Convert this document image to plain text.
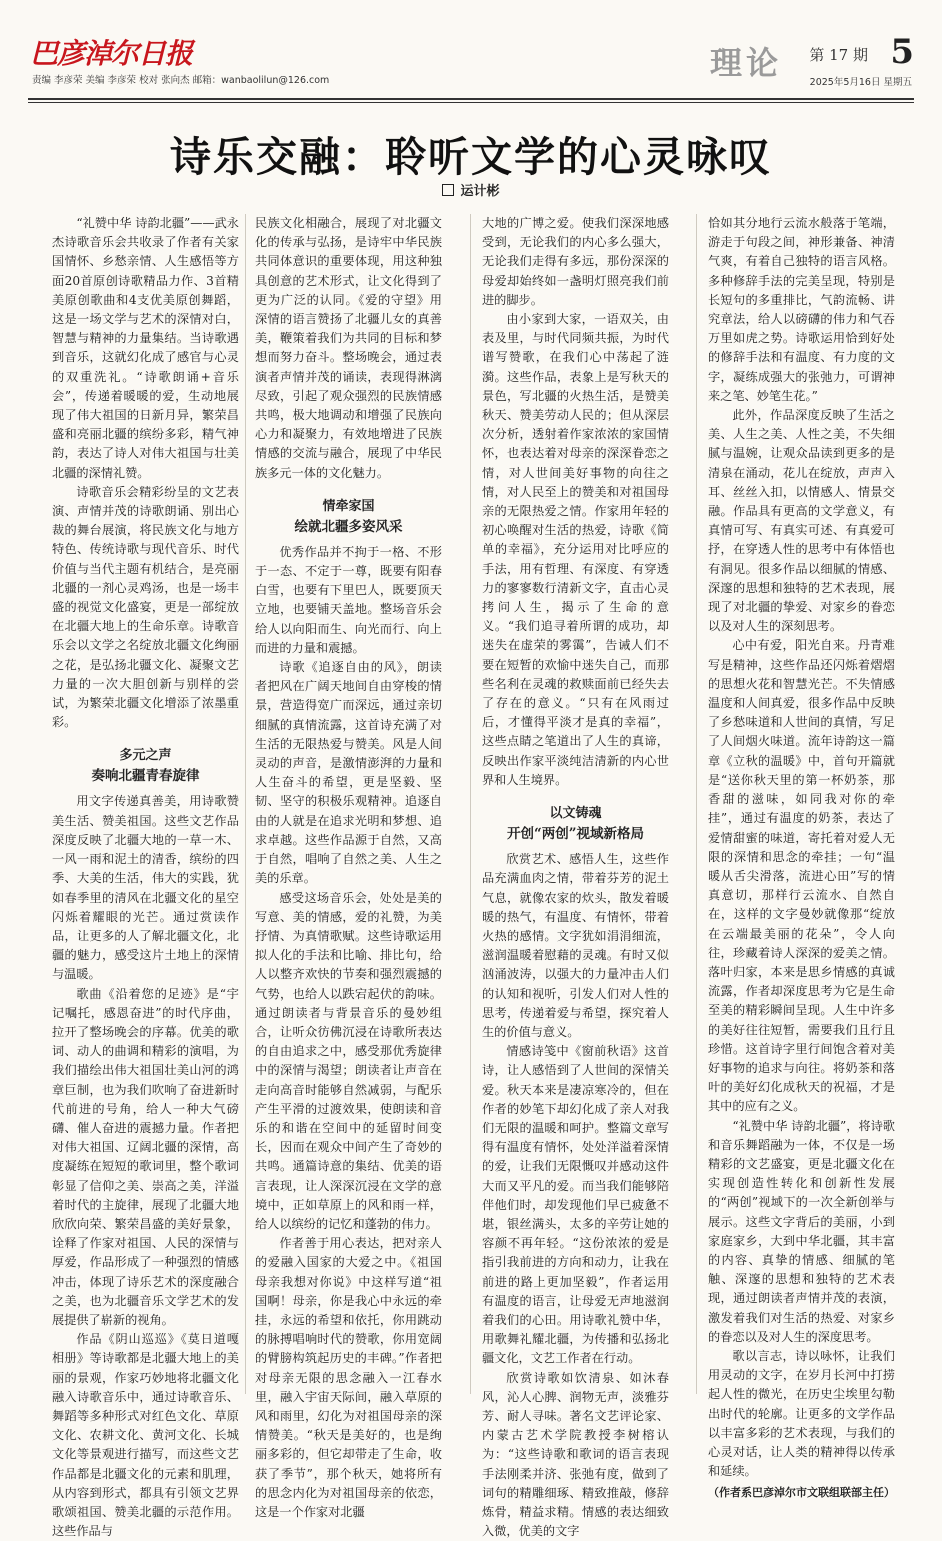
巴彦淖尔日报
责编 李彦荣 美编 李彦荣 校对 张向杰 邮箱：wanbaolilun@126.com	理论 第 17 期 5
2025年5月16日 星期五
诗乐交融：聆听文学的心灵咏叹
运计彬

“礼赞中华 诗韵北疆”——武永杰诗歌音乐会共收录了作者有关家国情怀、乡愁亲情、人生感悟等方面20首原创诗歌精品力作、3首精美原创歌曲和4支优美原创舞蹈，这是一场文学与艺术的深情对白，智慧与精神的力量集结。当诗歌遇到音乐，这就幻化成了感官与心灵的双重洗礼。“诗歌朗诵+音乐会”，传递着暖暖的爱，生动地展现了伟大祖国的日新月异，繁荣昌盛和亮丽北疆的缤纷多彩，精气神韵，表达了诗人对伟大祖国与壮美北疆的深情礼赞。

诗歌音乐会精彩纷呈的文艺表演、声情并茂的诗歌朗诵、别出心裁的舞台展演，将民族文化与地方特色、传统诗歌与现代音乐、时代价值与当代主题有机结合，是亮丽北疆的一剂心灵鸡汤，也是一场丰盛的视觉文化盛宴，更是一部绽放在北疆大地上的生命乐章。诗歌音乐会以文学之名绽放北疆文化绚丽之花，是弘扬北疆文化、凝聚文艺力量的一次大胆创新与别样的尝试，为繁荣北疆文化增添了浓墨重彩。

多元之声
奏响北疆青春旋律

用文字传递真善美，用诗歌赞美生活、赞美祖国。这些文艺作品深度反映了北疆大地的一草一木、一风一雨和泥土的清香，缤纷的四季、大美的生活，伟大的实践，犹如春季里的清风在北疆文化的星空闪烁着耀眼的光芒。通过赏读作品，让更多的人了解北疆文化，北疆的魅力，感受这片土地上的深情与温暖。

歌曲《沿着您的足迹》是“宇记嘱托，感恩奋进”的时代序曲，拉开了整场晚会的序幕。优美的歌词、动人的曲调和精彩的演唱，为我们描绘出伟大祖国壮美山河的鸿章巨制，也为我们吹响了奋进新时代前进的号角，给人一种大气磅礴、催人奋进的震撼力量。作者把对伟大祖国、辽阔北疆的深情，高度凝练在短短的歌词里，整个歌词彰显了信仰之美、崇高之美，洋溢着时代的主旋律，展现了北疆大地欣欣向荣、繁荣昌盛的美好景象，诠释了作家对祖国、人民的深情与厚爱，作品形成了一种强烈的情感冲击，体现了诗乐艺术的深度融合之美，也为北疆音乐文学艺术的发展提供了崭新的视角。

作品《阴山巡巡》《莫日道嘎相册》等诗歌都是北疆大地上的美丽的景观，作家巧妙地将北疆文化融入诗歌音乐中，通过诗歌音乐、舞蹈等多种形式对红色文化、草原文化、农耕文化、黄河文化、长城文化等景观进行描写，而这些文艺作品都是北疆文化的元素和肌理，从内容到形式，都具有引领文艺界歌颂祖国、赞美北疆的示范作用。这些作品与

民族文化相融合，展现了对北疆文化的传承与弘扬，是诗牢中华民族共同体意识的重要体现，用这种独具创意的艺术形式，让文化得到了更为广泛的认同。《爱的守望》用深情的语言赞扬了北疆儿女的真善美，鞭策着我们为共同的目标和梦想而努力奋斗。整场晚会，通过表演者声情并茂的诵读，表现得淋漓尽致，引起了观众强烈的民族情感共鸣，极大地调动和增强了民族向心力和凝聚力，有效地增进了民族情感的交流与融合，展现了中华民族多元一体的文化魅力。

情牵家国
绘就北疆多姿风采

优秀作品并不拘于一格、不形于一态、不定于一尊，既要有阳春白雪，也要有下里巴人，既要顶天立地，也要铺天盖地。整场音乐会给人以向阳而生、向光而行、向上而进的力量和震撼。

诗歌《追逐自由的风》，朗读者把风在广阔天地间自由穿梭的情景，营造得宽广而深远，通过亲切细腻的真情流露，这首诗充满了对生活的无限热爱与赞美。风是人间灵动的声音，是激情澎湃的力量和人生奋斗的希望，更是坚毅、坚韧、坚守的积极乐观精神。追逐自由的人就是在追求光明和梦想、追求卓越。这些作品源于自然，又高于自然，唱响了自然之美、人生之美的乐章。

感受这场音乐会，处处是美的写意、美的情感，爱的礼赞，为美抒情、为真情歌赋。这些诗歌运用拟人化的手法和比喻、排比句，给人以整齐欢快的节奏和强烈震撼的气势，也给人以跌宕起伏的韵味。通过朗读者与背景音乐的曼妙组合，让听众彷佛沉浸在诗歌所表达的自由追求之中，感受那优秀旋律中的深情与渴望；朗读者让声音在走向高音时能够自然减弱，与配乐产生平滑的过渡效果，使朗读和音乐的和谐在空间中的延留时间变长，因而在观众中间产生了奇妙的共鸣。通篇诗意的集结、优美的语言表现，让人深深沉浸在文学的意境中，正如草原上的风和雨一样，给人以缤纷的记忆和蓬勃的伟力。

作者善于用心表达，把对亲人的爱融入国家的大爱之中。《祖国母亲我想对你说》中这样写道“祖国啊！母亲，你是我心中永远的牵挂，永远的希望和依托，你用跳动的脉搏唱响时代的赞歌，你用宽阔的臂膀构筑起历史的丰碑。”作者把对母亲无限的思念融入一江春水里，融入宇宙天际间，融入草原的风和雨里，幻化为对祖国母亲的深情赞美。“秋天是美好的，也是绚丽多彩的，但它却带走了生命，收获了季节”，那个秋天，她将所有的思念内化为对祖国母亲的依恋，这是一个作家对北疆

大地的广博之爱。使我们深深地感受到，无论我们的内心多么强大，无论我们走得有多远，那份深深的母爱却始终如一盏明灯照亮我们前进的脚步。

由小家到大家，一语双关，由表及里，与时代同频共振，为时代谱写赞歌，在我们心中荡起了涟漪。这些作品，表象上是写秋天的景色，写北疆的火热生活，是赞美秋天、赞美劳动人民的；但从深层次分析，透射着作家浓浓的家国情怀，也表达着对母亲的深深眷恋之情，对人世间美好事物的向往之情，对人民至上的赞美和对祖国母亲的无限热爱之情。作家用年轻的初心唤醒对生活的热爱，诗歌《简单的幸福》，充分运用对比呼应的手法，用有哲理、有深度、有穿透力的寥寥数行清新文字，直击心灵拷问人生，揭示了生命的意义。“我们追寻着所谓的成功，却迷失在虚荣的雾霭”，告诫人们不要在短暂的欢愉中迷失自己，而那些名利在灵魂的救赎面前已经失去了存在的意义。“只有在风雨过后，才懂得平淡才是真的幸福”，这些点睛之笔道出了人生的真谛，反映出作家平淡纯洁清新的内心世界和人生境界。

以文铸魂
开创“两创”视域新格局

欣赏艺术、感悟人生，这些作品充满血肉之情，带着芬芳的泥土气息，就像农家的炊头，散发着暖暖的热气，有温度、有情怀，带着火热的感情。文字犹如涓涓细流，滋润温暖着慰藉的灵魂。有时又似汹涌波涛，以强大的力量冲击人们的认知和视听，引发人们对人性的思考，传递着爱与希望，探究着人生的价值与意义。

情感诗笺中《窗前秋语》这首诗，让人感悟到了人世间的深情关爱。秋天本来是凄凉寒冷的，但在作者的妙笔下却幻化成了亲人对我们无限的温暖和呵护。整篇文章写得有温度有情怀，处处洋溢着深情的爱，让我们无限慨叹并感动这件大而又平凡的爱。而当我们能够陪伴他们时，却发现他们早已疲惫不堪，银丝满头，太多的辛劳让她的容颜不再年轻。“这份浓浓的爱是指引我前进的方向和动力，让我在前进的路上更加坚毅”，作者运用有温度的语言，让母爱无声地滋润着我们的心田。用诗歌礼赞中华，用歌舞礼耀北疆，为传播和弘扬北疆文化，文艺工作者在行动。

欣赏诗歌如饮清泉、如沐春风，沁人心脾、润物无声，淡雅芬芳、耐人寻味。著名文艺评论家、内蒙古艺术学院教授李树榕认为：“这些诗歌和歌词的语言表现手法刚柔并济、张弛有度，做到了词句的精雕细琢、精致推敲，修辞炼骨，精益求精。情感的表达细致入微，优美的文字

恰如其分地行云流水般落于笔端，游走于句段之间，神形兼备、神清气爽，有着自己独特的语言风格。多种修辞手法的完美呈现，特别是长短句的多重排比，气韵流畅、讲究章法，给人以磅礴的伟力和气吞万里如虎之势。诗歌运用恰到好处的修辞手法和有温度、有力度的文字，凝练成强大的张弛力，可谓神来之笔、妙笔生花。”

此外，作品深度反映了生活之美、人生之美、人性之美，不失细腻与温婉，让观众品读到更多的是清泉在涌动，花儿在绽放，声声入耳、丝丝入扣，以情感人、情景交融。作品具有更高的文学意义，有真情可写、有真实可述、有真爱可抒，在穿透人性的思考中有体悟也有洞见。很多作品以细腻的情感、深邃的思想和独特的艺术表现，展现了对北疆的挚爱、对家乡的眷恋以及对人生的深刻思考。

心中有爱，阳光自来。丹青难写是精神，这些作品还闪烁着熠熠的思想火花和智慧光芒。不失情感温度和人间真爱，很多作品中反映了乡愁味道和人世间的真情，写足了人间烟火味道。流年诗韵这一篇章《立秋的温暖》中，首句开篇就是“送你秋天里的第一杯奶茶，那香甜的滋味，如同我对你的牵挂”，通过有温度的奶茶，表达了爱情甜蜜的味道，寄托着对爱人无限的深情和思念的牵挂；一句“温暖从舌尖滑落，流进心田”写的情真意切，那样行云流水、自然自在，这样的文字曼妙就像那“绽放在云端最美丽的花朵”，令人向往，珍藏着诗人深深的爱美之情。落叶归家，本来是思乡情感的真诚流露，作者却深度思考为它是生命至美的精彩瞬间呈现。人生中许多的美好往往短暂，需要我们且行且珍惜。这首诗字里行间饱含着对美好事物的追求与向往。将奶茶和落叶的美好幻化成秋天的祝福，才是其中的应有之义。

“礼赞中华 诗韵北疆”，将诗歌和音乐舞蹈融为一体，不仅是一场精彩的文艺盛宴，更是北疆文化在实现创造性转化和创新性发展的“两创”视域下的一次全新创举与展示。这些文字背后的美丽，小到家庭家乡，大到中华北疆，其丰富的内容、真挚的情感、细腻的笔触、深邃的思想和独特的艺术表现，通过朗读者声情并茂的表演，激发着我们对生活的热爱、对家乡的眷恋以及对人生的深度思考。

歌以言志，诗以咏怀，让我们用灵动的文字，在岁月长河中打捞起人性的微光，在历史尘埃里勾勒出时代的轮廓。让更多的文学作品以丰富多彩的艺术表现，与我们的心灵对话，让人类的精神得以传承和延续。

（作者系巴彦淖尔市文联组联部主任）
